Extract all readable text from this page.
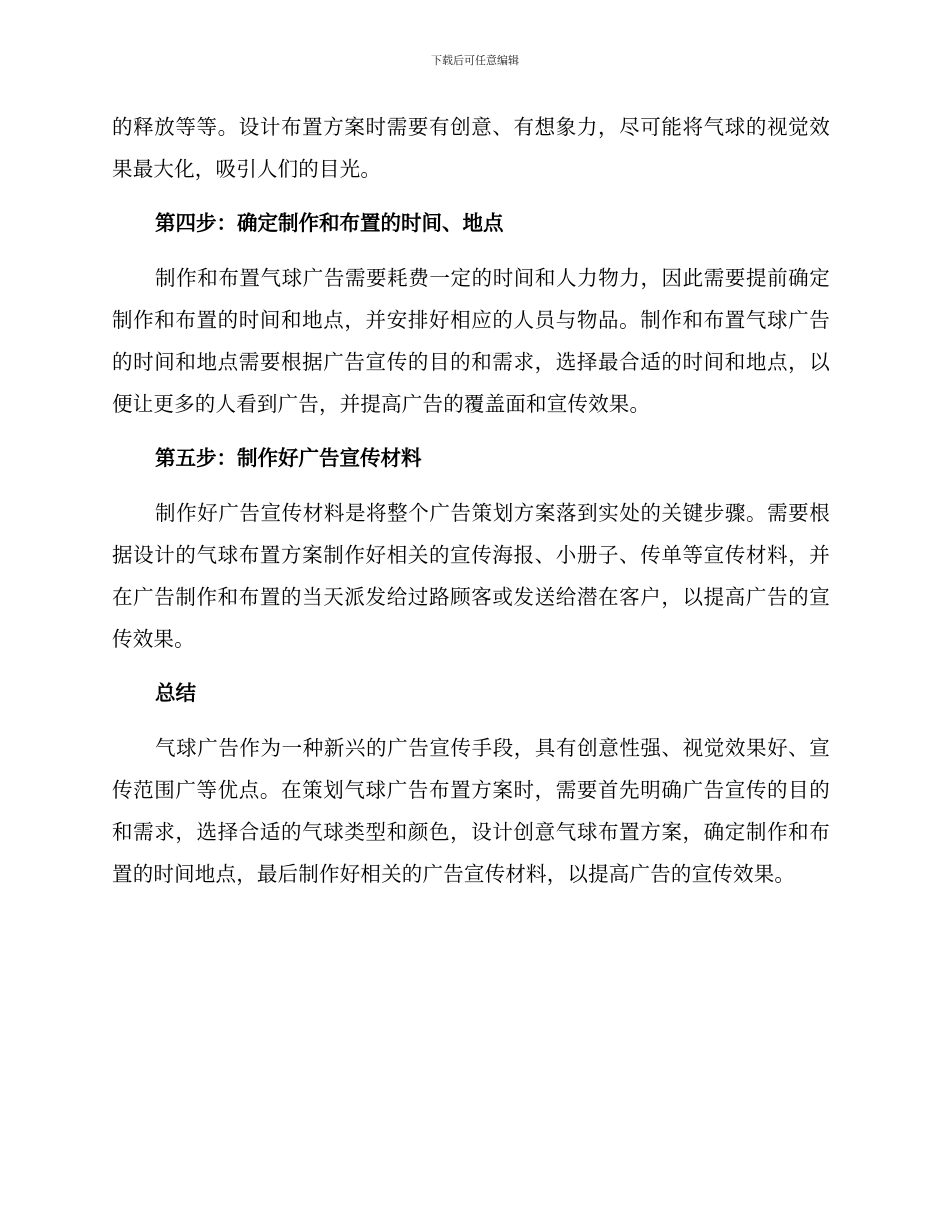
下载后可任意编辑

的释放等等。设计布置方案时需要有创意、有想象力，尽可能将气球的视觉效果最大化，吸引人们的目光。

第四步：确定制作和布置的时间、地点

制作和布置气球广告需要耗费一定的时间和人力物力，因此需要提前确定制作和布置的时间和地点，并安排好相应的人员与物品。制作和布置气球广告的时间和地点需要根据广告宣传的目的和需求，选择最合适的时间和地点，以便让更多的人看到广告，并提高广告的覆盖面和宣传效果。

第五步：制作好广告宣传材料

制作好广告宣传材料是将整个广告策划方案落到实处的关键步骤。需要根据设计的气球布置方案制作好相关的宣传海报、小册子、传单等宣传材料，并在广告制作和布置的当天派发给过路顾客或发送给潜在客户，以提高广告的宣传效果。

总结

气球广告作为一种新兴的广告宣传手段，具有创意性强、视觉效果好、宣传范围广等优点。在策划气球广告布置方案时，需要首先明确广告宣传的目的和需求，选择合适的气球类型和颜色，设计创意气球布置方案，确定制作和布置的时间地点，最后制作好相关的广告宣传材料，以提高广告的宣传效果。
